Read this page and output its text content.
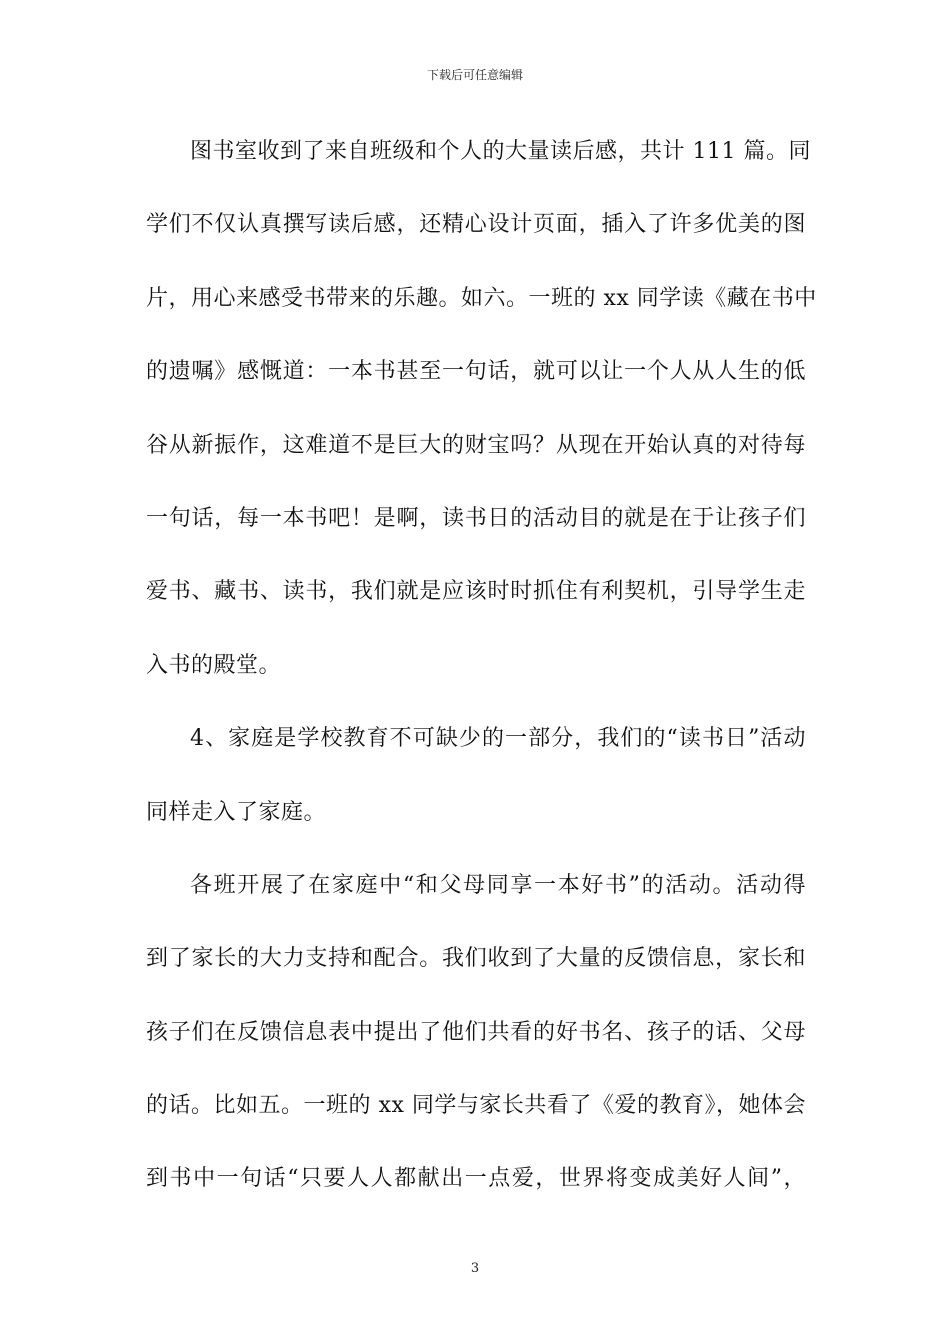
下载后可任意编辑
图书室收到了来自班级和个人的大量读后感，共计 111 篇。同
学们不仅认真撰写读后感，还精心设计页面，插入了许多优美的图
片，用心来感受书带来的乐趣。如六。一班的 xx 同学读《藏在书中
的遗嘱》感慨道：一本书甚至一句话，就可以让一个人从人生的低
谷从新振作，这难道不是巨大的财宝吗？从现在开始认真的对待每
一句话，每一本书吧！是啊，读书日的活动目的就是在于让孩子们
爱书、藏书、读书，我们就是应该时时抓住有利契机，引导学生走
入书的殿堂。
4、家庭是学校教育不可缺少的一部分，我们的“读书日”活动
同样走入了家庭。
各班开展了在家庭中“和父母同享一本好书”的活动。活动得
到了家长的大力支持和配合。我们收到了大量的反馈信息，家长和
孩子们在反馈信息表中提出了他们共看的好书名、孩子的话、父母
的话。比如五。一班的 xx 同学与家长共看了《爱的教育》，她体会
到书中一句话“只要人人都献出一点爱，世界将变成美好人间”，
3
